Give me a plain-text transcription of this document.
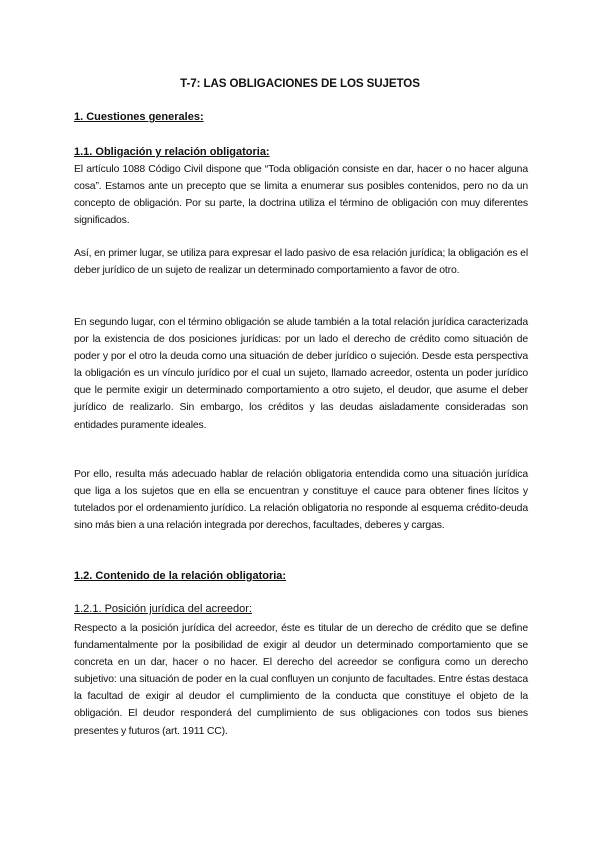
T-7: LAS OBLIGACIONES DE LOS SUJETOS
1. Cuestiones generales:
1.1. Obligación y relación obligatoria:
El artículo 1088 Código Civil dispone que “Toda obligación consiste en dar, hacer o no hacer alguna cosa”. Estamos ante un precepto que se limita a enumerar sus posibles contenidos, pero no da un concepto de obligación. Por su parte, la doctrina utiliza el término de obligación con muy diferentes significados.
Así, en primer lugar, se utiliza para expresar el lado pasivo de esa relación jurídica; la obligación es el deber jurídico de un sujeto de realizar un determinado comportamiento a favor de otro.
En segundo lugar, con el término obligación se alude también a la total relación jurídica caracterizada por la existencia de dos posiciones jurídicas: por un lado el derecho de crédito como situación de poder y por el otro la deuda como una situación de deber jurídico o sujeción. Desde esta perspectiva la obligación es un vínculo jurídico por el cual un sujeto, llamado acreedor, ostenta un poder jurídico que le permite exigir un determinado comportamiento a otro sujeto, el deudor, que asume el deber jurídico de realizarlo. Sin embargo, los créditos y las deudas aisladamente consideradas son entidades puramente ideales.
Por ello, resulta más adecuado hablar de relación obligatoria entendida como una situación jurídica que liga a los sujetos que en ella se encuentran y constituye el cauce para obtener fines lícitos y tutelados por el ordenamiento jurídico. La relación obligatoria no responde al esquema crédito-deuda sino más bien a una relación integrada por derechos, facultades, deberes y cargas.
1.2. Contenido de la relación obligatoria:
1.2.1. Posición jurídica del acreedor:
Respecto a la posición jurídica del acreedor, éste es titular de un derecho de crédito que se define fundamentalmente por la posibilidad de exigir al deudor un determinado comportamiento que se concreta en un dar, hacer o no hacer. El derecho del acreedor se configura como un derecho subjetivo: una situación de poder en la cual confluyen un conjunto de facultades. Entre éstas destaca la facultad de exigir al deudor el cumplimiento de la conducta que constituye el objeto de la obligación. El deudor responderá del cumplimiento de sus obligaciones con todos sus bienes presentes y futuros (art. 1911 CC).
